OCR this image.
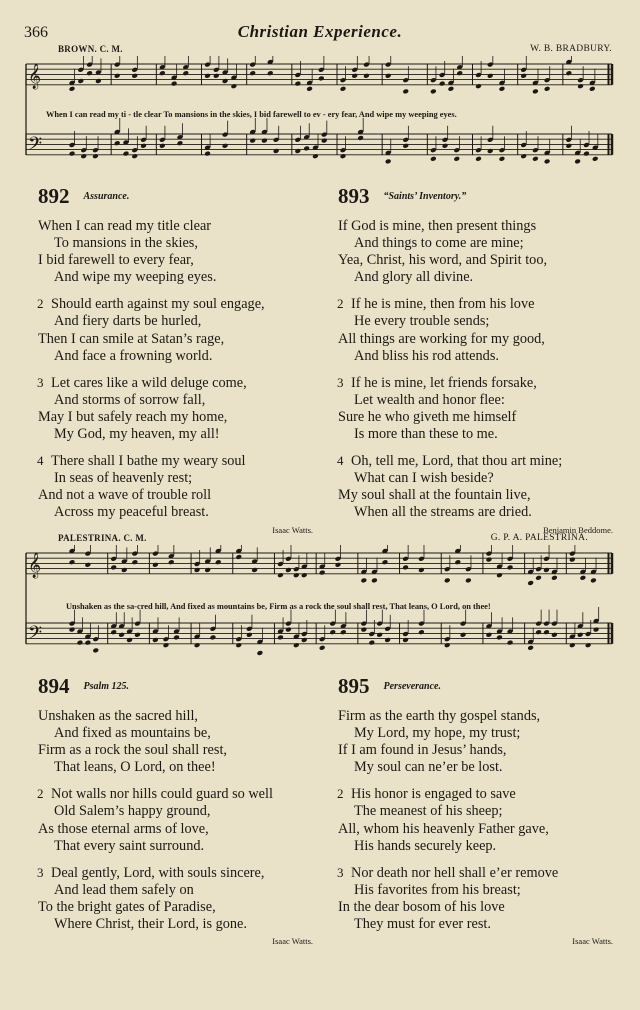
366	Christian Experience.
BROWN. C. M.	W. B. BRADBURY.
𝄞
𝄢
When I can read my ti - tle clear To mansions in the skies, I bid farewell to ev - ery fear, And wipe my weeping eyes.
892 $^{Assurance.}$
When I can read my title clear
To mansions in the skies,
I bid farewell to every fear,
And wipe my weeping eyes.
2 Should earth against my soul engage,
And fiery darts be hurled,
Then I can smile at Satan’s rage,
And face a frowning world.
3 Let cares like a wild deluge come,
And storms of sorrow fall,
May I but safely reach my home,
My God, my heaven, my all!
4 There shall I bathe my weary soul
In seas of heavenly rest;
And not a wave of trouble roll
Across my peaceful breast.
Isaac Watts.
893 $^{“Saints’ Inventory.”}$
If God is mine, then present things
And things to come are mine;
Yea, Christ, his word, and Spirit too,
And glory all divine.
2 If he is mine, then from his love
He every trouble sends;
All things are working for my good,
And bliss his rod attends.
3 If he is mine, let friends forsake,
Let wealth and honor flee:
Sure he who giveth me himself
Is more than these to me.
4 Oh, tell me, Lord, that thou art mine;
What can I wish beside?
My soul shall at the fountain live,
When all the streams are dried.
Benjamin Beddome.
PALESTRINA. C. M.	G. P. A. PALESTRINA.
𝄞
𝄢
Unshaken as the sa-cred hill, And fixed as mountains be, Firm as a rock the soul shall rest, That leans, O Lord, on thee!
894 $^{Psalm 125.}$
Unshaken as the sacred hill,
And fixed as mountains be,
Firm as a rock the soul shall rest,
That leans, O Lord, on thee!
2 Not walls nor hills could guard so well
Old Salem’s happy ground,
As those eternal arms of love,
That every saint surround.
3 Deal gently, Lord, with souls sincere,
And lead them safely on
To the bright gates of Paradise,
Where Christ, their Lord, is gone.
Isaac Watts.
895 $^{Perseverance.}$
Firm as the earth thy gospel stands,
My Lord, my hope, my trust;
If I am found in Jesus’ hands,
My soul can ne’er be lost.
2 His honor is engaged to save
The meanest of his sheep;
All, whom his heavenly Father gave,
His hands securely keep.
3 Nor death nor hell shall e’er remove
His favorites from his breast;
In the dear bosom of his love
They must for ever rest.
Isaac Watts.
